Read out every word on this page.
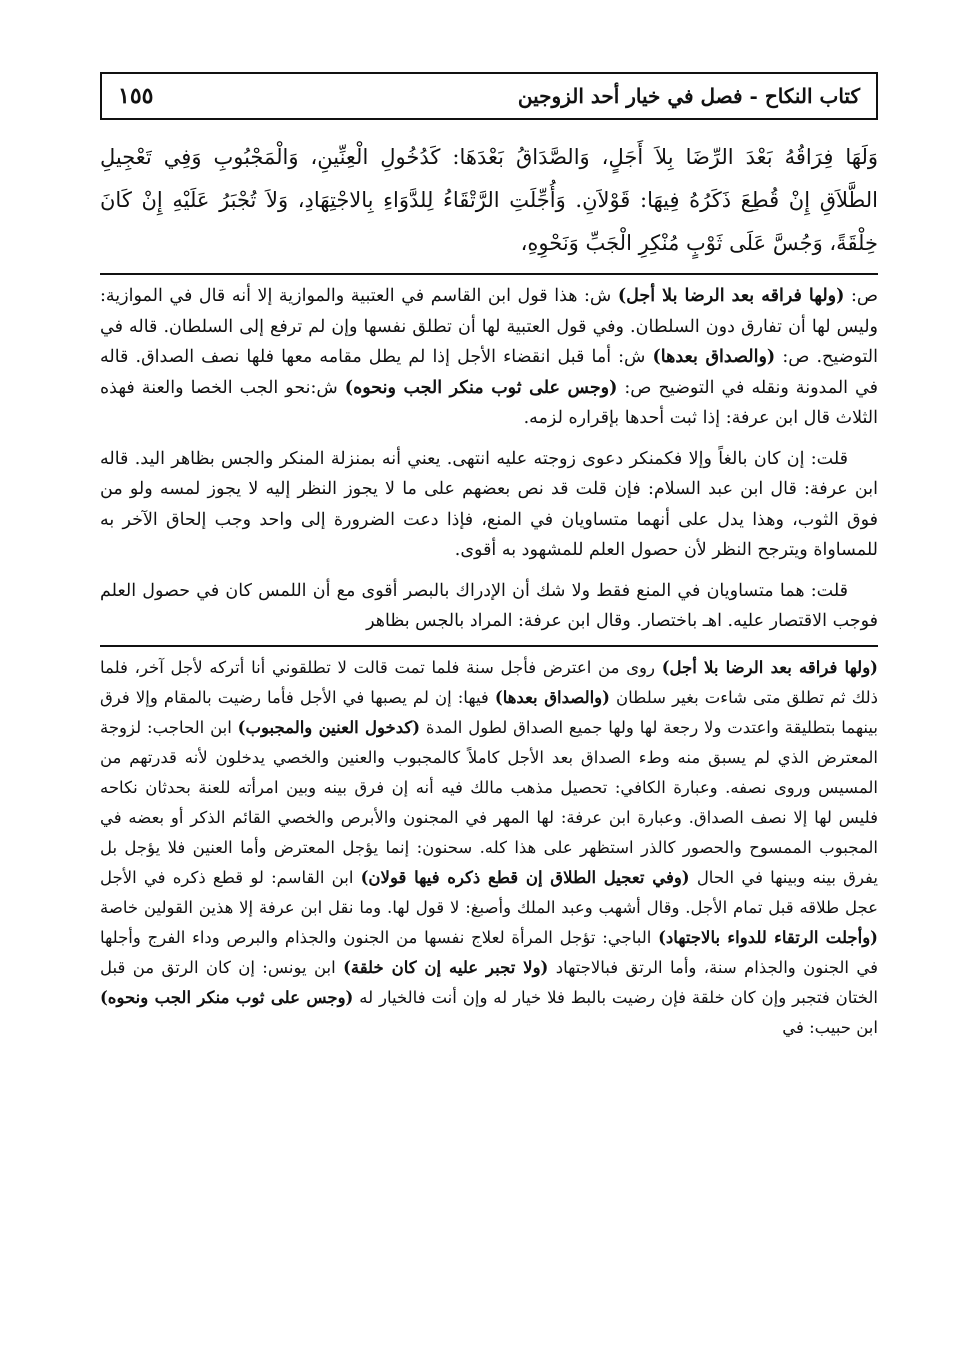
كتاب النكاح - فصل في خيار أحد الزوجين
١٥٥
وَلَهَا فِرَاقُهُ بَعْدَ الرِّضَا بِلاَ أَجَلٍ، وَالصَّدَاقُ بَعْدَهَا: كَدُخُولِ الْعِنِّينِ، وَالْمَجْبُوبِ وَفِي تَعْجِيلِ الطَّلاَقِ إِنْ قُطِعَ ذَكَرُهُ فِيهَا: قَوْلاَنِ. وَأُجِّلَتِ الرَّتْقَاءُ لِلدَّوَاءِ بِالاجْتِهَادِ، وَلاَ تُجْبَرُ عَلَيْهِ إِنْ كَانَ خِلْقَةً، وَجُسَّ عَلَى ثَوْبٍ مُنْكِرِ الْجَبِّ وَنَحْوِهِ،

ص: (ولها فراقه بعد الرضا بلا أجل) ش: هذا قول ابن القاسم في العتبية والموازية إلا أنه قال في الموازية: وليس لها أن تفارق دون السلطان. وفي قول العتبية لها أن تطلق نفسها وإن لم ترفع إلى السلطان. قاله في التوضيح. ص: (والصداق بعدها) ش: أما قبل انقضاء الأجل إذا لم يطل مقامه معها فلها نصف الصداق. قاله في المدونة ونقله في التوضيح ص: (وجس على ثوب منكر الجب ونحوه) ش:نحو الجب الخصا والعنة فهذه الثلاث قال ابن عرفة: إذا ثبت أحدها بإقراره لزمه.

قلت: إن كان بالغاً وإلا فكمنكر دعوى زوجته عليه انتهى. يعني أنه بمنزلة المنكر والجس بظاهر اليد. قاله ابن عرفة: قال ابن عبد السلام: فإن قلت قد نص بعضهم على ما لا يجوز النظر إليه لا يجوز لمسه ولو من فوق الثوب، وهذا يدل على أنهما متساويان في المنع، فإذا دعت الضرورة إلى واحد وجب إلحاق الآخر به للمساواة ويترجح النظر لأن حصول العلم للمشهود به أقوى.

قلت: هما متساويان في المنع فقط ولا شك أن الإدراك بالبصر أقوى مع أن اللمس كان في حصول العلم فوجب الاقتصار عليه. اهـ باختصار. وقال ابن عرفة: المراد بالجس بظاهر

(ولها فراقه بعد الرضا بلا أجل) روى من اعترض فأجل سنة فلما تمت قالت لا تطلقوني أنا أتركه لأجل آخر، فلما ذلك ثم تطلق متى شاءت بغير سلطان (والصداق بعدها) فيها: إن لم يصبها في الأجل فأما رضيت بالمقام وإلا فرق بينهما بتطليقة واعتدت ولا رجعة لها ولها جميع الصداق لطول المدة (كدخول العنين والمجبوب) ابن الحاجب: لزوجة المعترض الذي لم يسبق منه وطء الصداق بعد الأجل كاملاً كالمجبوب والعنين والخصي يدخلون لأنه قدرتهم من المسيس وروى نصفه. وعبارة الكافي: تحصيل مذهب مالك فيه أنه إن فرق بينه وبين امرأته للعنة بحدثان نكاحه فليس لها إلا نصف الصداق. وعبارة ابن عرفة: لها المهر في المجنون والأبرص والخصي القائم الذكر أو بعضه في المجبوب الممسوح والحصور كالذر استظهر على هذا كله. سحنون: إنما يؤجل المعترض وأما العنين فلا يؤجل بل يفرق بينه وبينها في الحال (وفي تعجيل الطلاق إن قطع ذكره فيها قولان) ابن القاسم: لو قطع ذكره في الأجل عجل طلاقه قبل تمام الأجل. وقال أشهب وعبد الملك وأصبغ: لا قول لها. وما نقل ابن عرفة إلا هذين القولين خاصة (وأجلت الرتقاء للدواء بالاجتهاد) الباجي: تؤجل المرأة لعلاج نفسها من الجنون والجذام والبرص وداء الفرج وأجلها في الجنون والجذام سنة، وأما الرتق فبالاجتهاد (ولا تجبر عليه إن كان خلقة) ابن يونس: إن كان الرتق من قبل الختان فتجبر وإن كان خلقة فإن رضيت بالبط فلا خيار له وإن أنت فالخيار له (وجس على ثوب منكر الجب ونحوه) ابن حبيب: في
